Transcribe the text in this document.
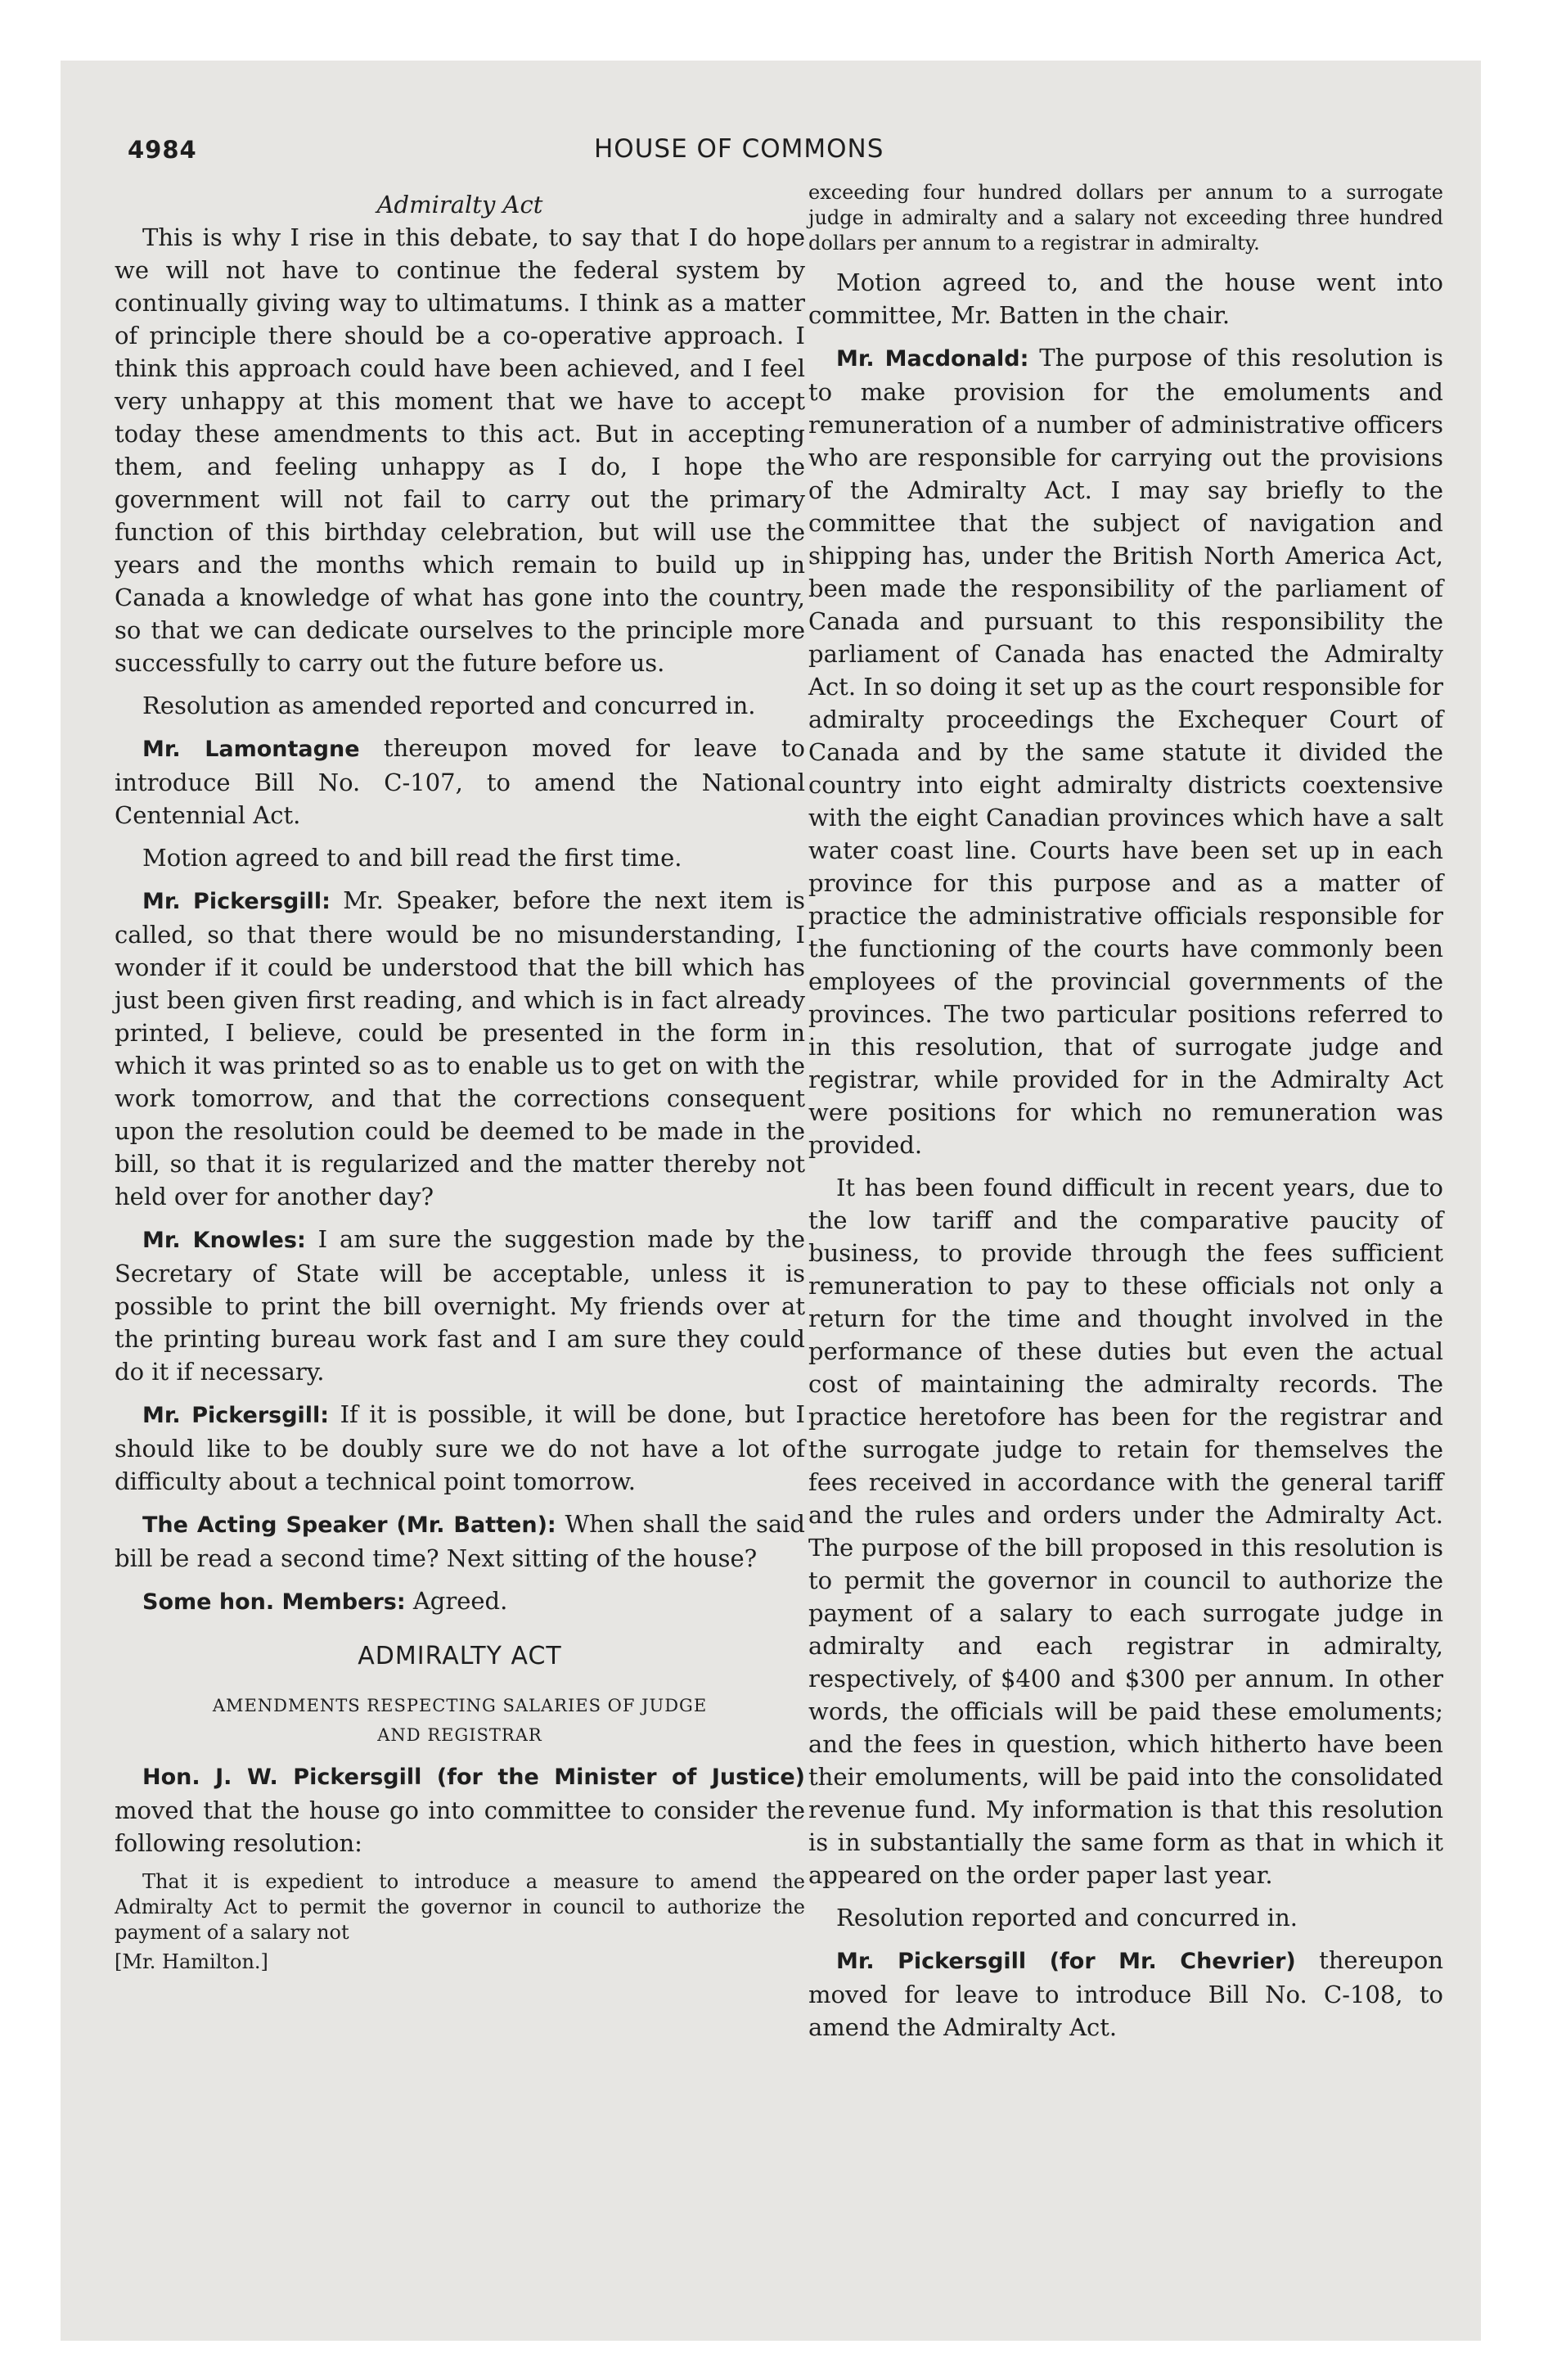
4984	HOUSE OF COMMONS

Admiralty Act

This is why I rise in this debate, to say that I do hope we will not have to continue the federal system by continually giving way to ultimatums. I think as a matter of principle there should be a co-operative approach. I think this approach could have been achieved, and I feel very unhappy at this moment that we have to accept today these amendments to this act. But in accepting them, and feeling unhappy as I do, I hope the government will not fail to carry out the primary function of this birthday celebration, but will use the years and the months which remain to build up in Canada a knowledge of what has gone into the country, so that we can dedicate ourselves to the principle more successfully to carry out the future before us.

Resolution as amended reported and concurred in.

Mr. Lamontagne thereupon moved for leave to introduce Bill No. C-107, to amend the National Centennial Act.

Motion agreed to and bill read the first time.

Mr. Pickersgill: Mr. Speaker, before the next item is called, so that there would be no misunderstanding, I wonder if it could be understood that the bill which has just been given first reading, and which is in fact already printed, I believe, could be presented in the form in which it was printed so as to enable us to get on with the work tomorrow, and that the corrections consequent upon the resolution could be deemed to be made in the bill, so that it is regularized and the matter thereby not held over for another day?

Mr. Knowles: I am sure the suggestion made by the Secretary of State will be acceptable, unless it is possible to print the bill overnight. My friends over at the printing bureau work fast and I am sure they could do it if necessary.

Mr. Pickersgill: If it is possible, it will be done, but I should like to be doubly sure we do not have a lot of difficulty about a technical point tomorrow.

The Acting Speaker (Mr. Batten): When shall the said bill be read a second time? Next sitting of the house?

Some hon. Members: Agreed.

ADMIRALTY ACT
AMENDMENTS RESPECTING SALARIES OF JUDGE
AND REGISTRAR

Hon. J. W. Pickersgill (for the Minister of Justice) moved that the house go into committee to consider the following resolution:

That it is expedient to introduce a measure to amend the Admiralty Act to permit the governor in council to authorize the payment of a salary not

[Mr. Hamilton.]

exceeding four hundred dollars per annum to a surrogate judge in admiralty and a salary not exceeding three hundred dollars per annum to a registrar in admiralty.

Motion agreed to, and the house went into committee, Mr. Batten in the chair.

Mr. Macdonald: The purpose of this resolution is to make provision for the emoluments and remuneration of a number of administrative officers who are responsible for carrying out the provisions of the Admiralty Act. I may say briefly to the committee that the subject of navigation and shipping has, under the British North America Act, been made the responsibility of the parliament of Canada and pursuant to this responsibility the parliament of Canada has enacted the Admiralty Act. In so doing it set up as the court responsible for admiralty proceedings the Exchequer Court of Canada and by the same statute it divided the country into eight admiralty districts coextensive with the eight Canadian provinces which have a salt water coast line. Courts have been set up in each province for this purpose and as a matter of practice the administrative officials responsible for the functioning of the courts have commonly been employees of the provincial governments of the provinces. The two particular positions referred to in this resolution, that of surrogate judge and registrar, while provided for in the Admiralty Act were positions for which no remuneration was provided.

It has been found difficult in recent years, due to the low tariff and the comparative paucity of business, to provide through the fees sufficient remuneration to pay to these officials not only a return for the time and thought involved in the performance of these duties but even the actual cost of maintaining the admiralty records. The practice heretofore has been for the registrar and the surrogate judge to retain for themselves the fees received in accordance with the general tariff and the rules and orders under the Admiralty Act. The purpose of the bill proposed in this resolution is to permit the governor in council to authorize the payment of a salary to each surrogate judge in admiralty and each registrar in admiralty, respectively, of $400 and $300 per annum. In other words, the officials will be paid these emoluments; and the fees in question, which hitherto have been their emoluments, will be paid into the consolidated revenue fund. My information is that this resolution is in substantially the same form as that in which it appeared on the order paper last year.

Resolution reported and concurred in.

Mr. Pickersgill (for Mr. Chevrier) thereupon moved for leave to introduce Bill No. C-108, to amend the Admiralty Act.
